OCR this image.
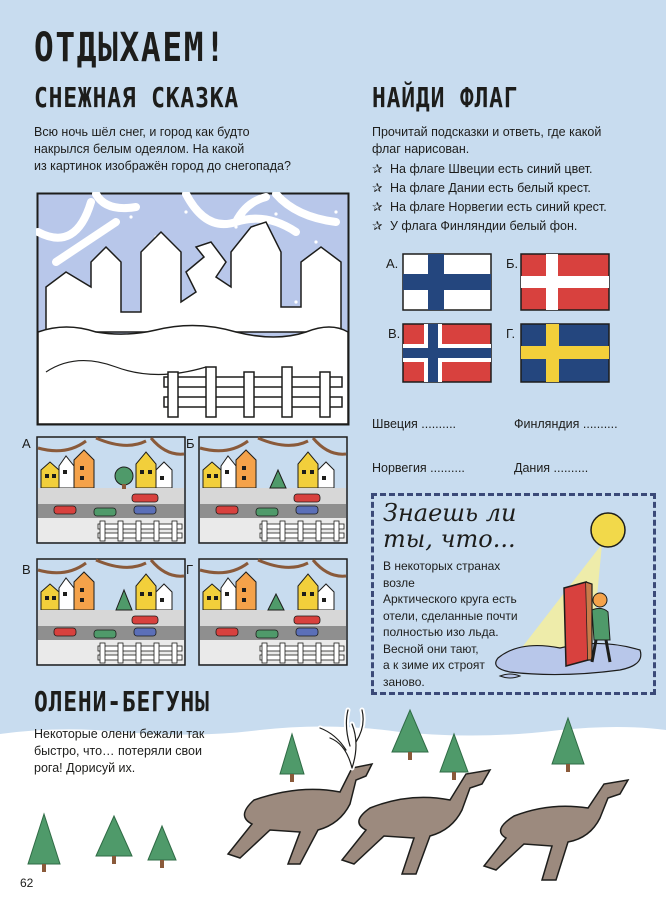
ОТДЫХАЕМ!
СНЕЖНАЯ СКАЗКА	НАЙДИ ФЛАГ
Всю ночь шёл снег, и город как будто
накрылся белым одеялом. На какой
из картинок изображён город до снегопада?
Прочитай подсказки и ответь, где какой
флаг нарисован.
✰ На флаге Швеции есть синий цвет.
✰ На флаге Дании есть белый крест.
✰ На флаге Норвегии есть синий крест.
✰ У флага Финляндии белый фон.
А	Б
В	Г
А.	Б.
В.	Г.
Швеция ..........	Финляндия ..........
Норвегия ..........	Дания ..........
Знаешь ли
ты, что...
В некоторых странах возле
Арктического круга есть
отели, сделанные почти
полностью изо льда.
Весной они тают,
а к зиме их строят
заново.
ОЛЕНИ-БЕГУНЫ
Некоторые олени бежали так
быстро, что… потеряли свои
рога! Дорисуй их.
62
